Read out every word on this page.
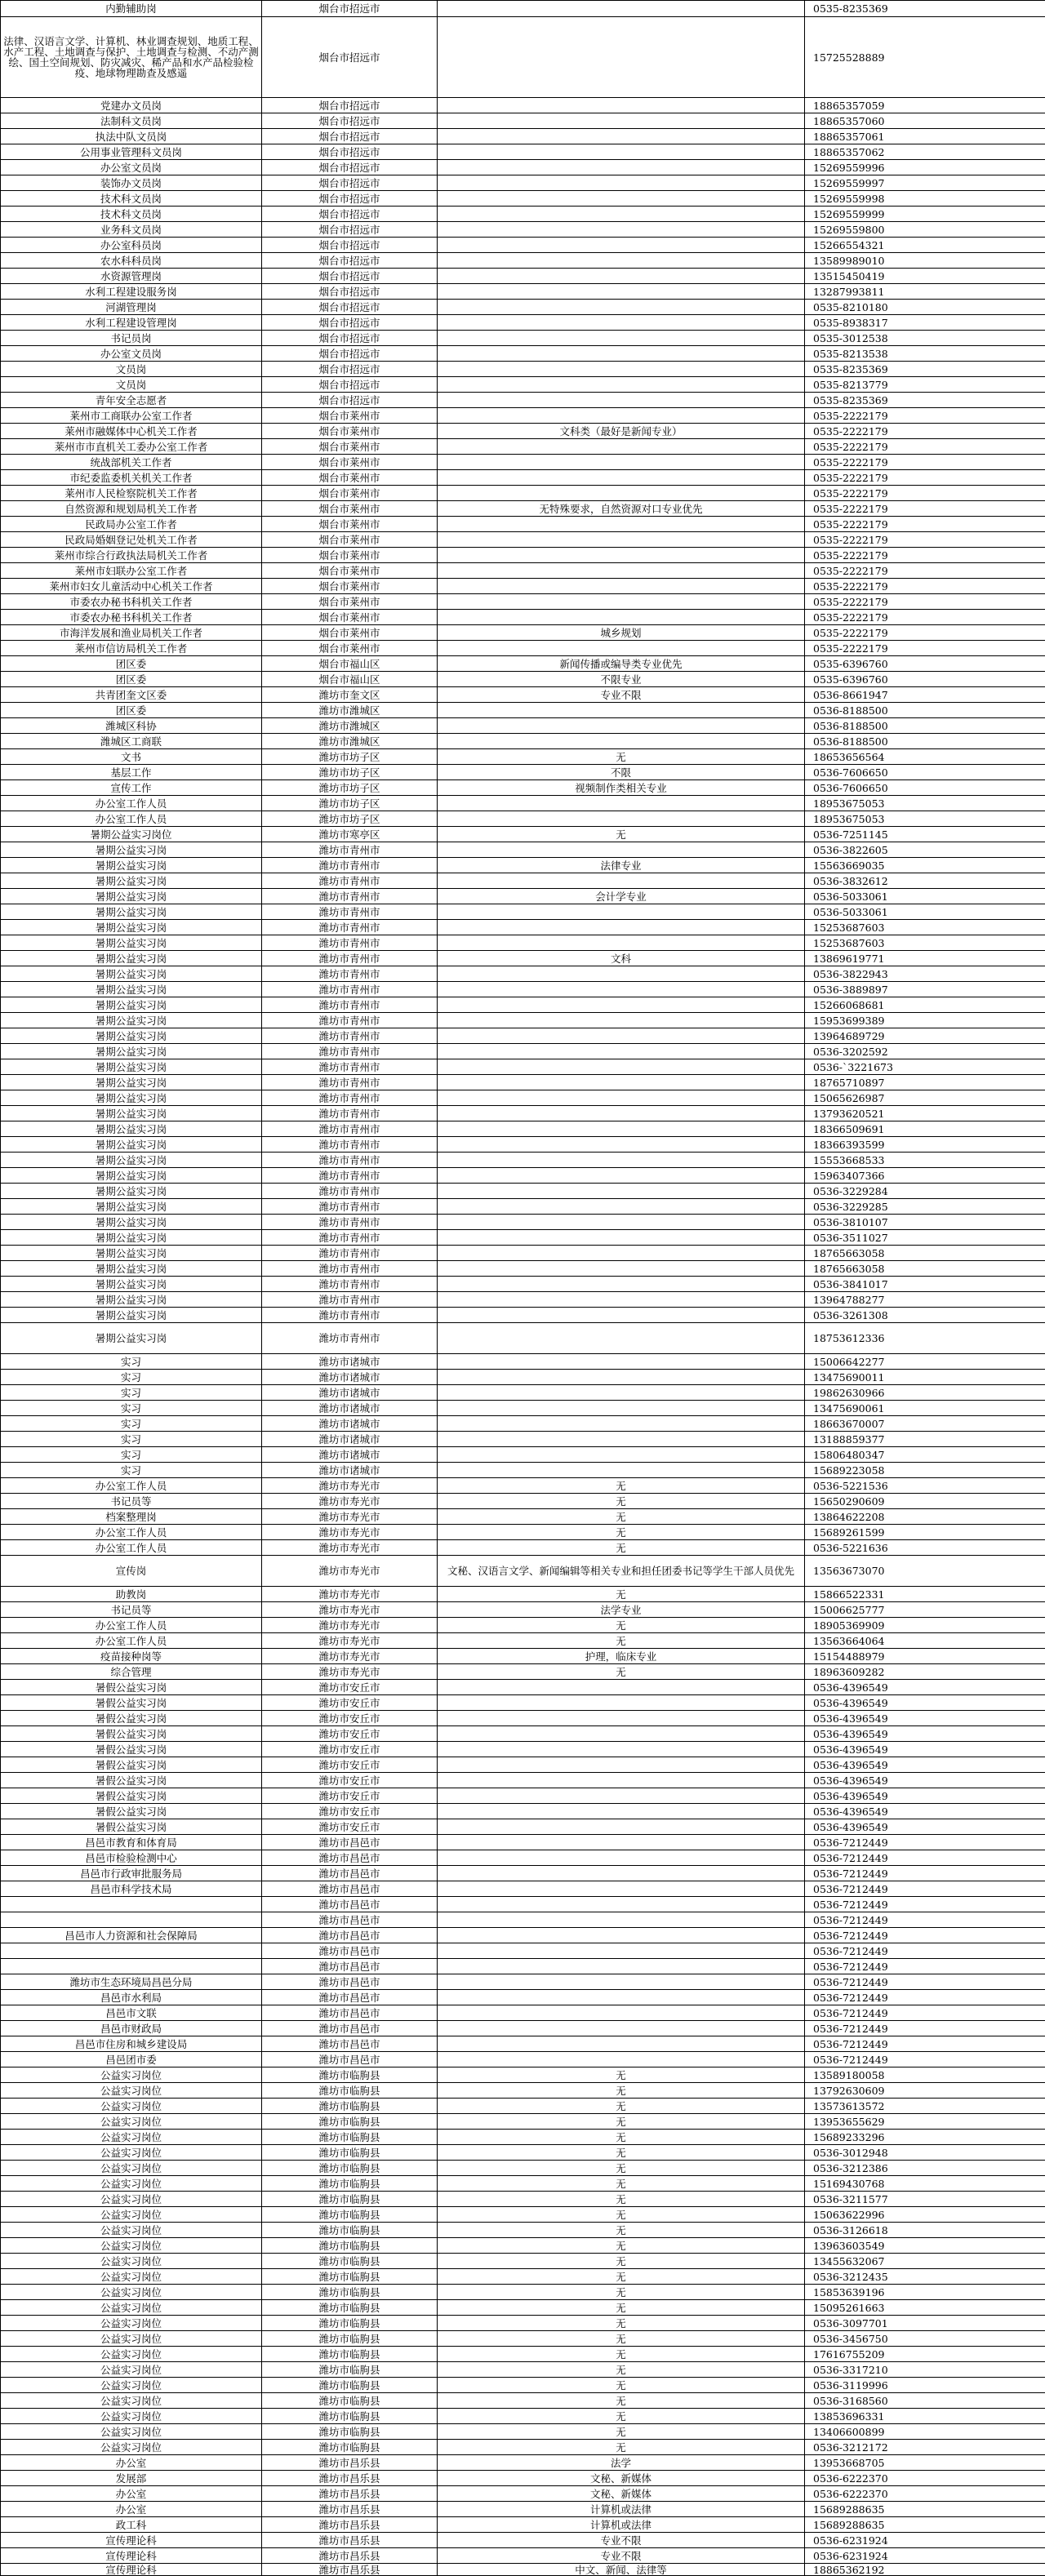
内勤辅助岗	烟台市招远市		0535-8235369
法律、汉语言文学、计算机、林业调查规划、地质工程、水产工程、土地调查与保护、土地调查与检测、不动产测绘、国土空间规划、防灾减灾、稀产品和水产品检验检疫、地球物理勘查及感遥	烟台市招远市		15725528889
党建办文员岗	烟台市招远市		18865357059
法制科文员岗	烟台市招远市		18865357060
执法中队文员岗	烟台市招远市		18865357061
公用事业管理科文员岗	烟台市招远市		18865357062
办公室文员岗	烟台市招远市		15269559996
装饰办文员岗	烟台市招远市		15269559997
技术科文员岗	烟台市招远市		15269559998
技术科文员岗	烟台市招远市		15269559999
业务科文员岗	烟台市招远市		15269559800
办公室科员岗	烟台市招远市		15266554321
农水科科员岗	烟台市招远市		13589989010
水资源管理岗	烟台市招远市		13515450419
水利工程建设服务岗	烟台市招远市		13287993811
河湖管理岗	烟台市招远市		0535-8210180
水利工程建设管理岗	烟台市招远市		0535-8938317
书记员岗	烟台市招远市		0535-3012538
办公室文员岗	烟台市招远市		0535-8213538
文员岗	烟台市招远市		0535-8235369
文员岗	烟台市招远市		0535-8213779
青年安全志愿者	烟台市招远市		0535-8235369
莱州市工商联办公室工作者	烟台市莱州市		0535-2222179
莱州市融媒体中心机关工作者	烟台市莱州市	文科类（最好是新闻专业）	0535-2222179
莱州市市直机关工委办公室工作者	烟台市莱州市		0535-2222179
统战部机关工作者	烟台市莱州市		0535-2222179
市纪委监委机关机关工作者	烟台市莱州市		0535-2222179
莱州市人民检察院机关工作者	烟台市莱州市		0535-2222179
自然资源和规划局机关工作者	烟台市莱州市	无特殊要求，自然资源对口专业优先	0535-2222179
民政局办公室工作者	烟台市莱州市		0535-2222179
民政局婚姻登记处机关工作者	烟台市莱州市		0535-2222179
莱州市综合行政执法局机关工作者	烟台市莱州市		0535-2222179
莱州市妇联办公室工作者	烟台市莱州市		0535-2222179
莱州市妇女儿童活动中心机关工作者	烟台市莱州市		0535-2222179
市委农办秘书科机关工作者	烟台市莱州市		0535-2222179
市委农办秘书科机关工作者	烟台市莱州市		0535-2222179
市海洋发展和渔业局机关工作者	烟台市莱州市	城乡规划	0535-2222179
莱州市信访局机关工作者	烟台市莱州市		0535-2222179
团区委	烟台市福山区	新闻传播或编导类专业优先	0535-6396760
团区委	烟台市福山区	不限专业	0535-6396760
共青团奎文区委	潍坊市奎文区	专业不限	0536-8661947
团区委	潍坊市潍城区		0536-8188500
潍城区科协	潍坊市潍城区		0536-8188500
潍城区工商联	潍坊市潍城区		0536-8188500
文书	潍坊市坊子区	无	18653656564
基层工作	潍坊市坊子区	不限	0536-7606650
宣传工作	潍坊市坊子区	视频制作类相关专业	0536-7606650
办公室工作人员	潍坊市坊子区		18953675053
办公室工作人员	潍坊市坊子区		18953675053
暑期公益实习岗位	潍坊市寒亭区	无	0536-7251145
暑期公益实习岗	潍坊市青州市		0536-3822605
暑期公益实习岗	潍坊市青州市	法律专业	15563669035
暑期公益实习岗	潍坊市青州市		0536-3832612
暑期公益实习岗	潍坊市青州市	会计学专业	0536-5033061
暑期公益实习岗	潍坊市青州市		0536-5033061
暑期公益实习岗	潍坊市青州市		15253687603
暑期公益实习岗	潍坊市青州市		15253687603
暑期公益实习岗	潍坊市青州市	文科	13869619771
暑期公益实习岗	潍坊市青州市		0536-3822943
暑期公益实习岗	潍坊市青州市		0536-3889897
暑期公益实习岗	潍坊市青州市		15266068681
暑期公益实习岗	潍坊市青州市		15953699389
暑期公益实习岗	潍坊市青州市		13964689729
暑期公益实习岗	潍坊市青州市		0536-3202592
暑期公益实习岗	潍坊市青州市		0536-`3221673
暑期公益实习岗	潍坊市青州市		18765710897
暑期公益实习岗	潍坊市青州市		15065626987
暑期公益实习岗	潍坊市青州市		13793620521
暑期公益实习岗	潍坊市青州市		18366509691
暑期公益实习岗	潍坊市青州市		18366393599
暑期公益实习岗	潍坊市青州市		15553668533
暑期公益实习岗	潍坊市青州市		15963407366
暑期公益实习岗	潍坊市青州市		0536-3229284
暑期公益实习岗	潍坊市青州市		0536-3229285
暑期公益实习岗	潍坊市青州市		0536-3810107
暑期公益实习岗	潍坊市青州市		0536-3511027
暑期公益实习岗	潍坊市青州市		18765663058
暑期公益实习岗	潍坊市青州市		18765663058
暑期公益实习岗	潍坊市青州市		0536-3841017
暑期公益实习岗	潍坊市青州市		13964788277
暑期公益实习岗	潍坊市青州市		0536-3261308
暑期公益实习岗	潍坊市青州市		18753612336
实习	潍坊市诸城市		15006642277
实习	潍坊市诸城市		13475690011
实习	潍坊市诸城市		19862630966
实习	潍坊市诸城市		13475690061
实习	潍坊市诸城市		18663670007
实习	潍坊市诸城市		13188859377
实习	潍坊市诸城市		15806480347
实习	潍坊市诸城市		15689223058
办公室工作人员	潍坊市寿光市	无	0536-5221536
书记员等	潍坊市寿光市	无	15650290609
档案整理岗	潍坊市寿光市	无	13864622208
办公室工作人员	潍坊市寿光市	无	15689261599
办公室工作人员	潍坊市寿光市	无	0536-5221636
宣传岗	潍坊市寿光市	文秘、汉语言文学、新闻编辑等相关专业和担任团委书记等学生干部人员优先	13563673070
助教岗	潍坊市寿光市	无	15866522331
书记员等	潍坊市寿光市	法学专业	15006625777
办公室工作人员	潍坊市寿光市	无	18905369909
办公室工作人员	潍坊市寿光市	无	13563664064
疫苗接种岗等	潍坊市寿光市	护理，临床专业	15154488979
综合管理	潍坊市寿光市	无	18963609282
暑假公益实习岗	潍坊市安丘市		0536-4396549
暑假公益实习岗	潍坊市安丘市		0536-4396549
暑假公益实习岗	潍坊市安丘市		0536-4396549
暑假公益实习岗	潍坊市安丘市		0536-4396549
暑假公益实习岗	潍坊市安丘市		0536-4396549
暑假公益实习岗	潍坊市安丘市		0536-4396549
暑假公益实习岗	潍坊市安丘市		0536-4396549
暑假公益实习岗	潍坊市安丘市		0536-4396549
暑假公益实习岗	潍坊市安丘市		0536-4396549
暑假公益实习岗	潍坊市安丘市		0536-4396549
昌邑市教育和体育局	潍坊市昌邑市		0536-7212449
昌邑市检验检测中心	潍坊市昌邑市		0536-7212449
昌邑市行政审批服务局	潍坊市昌邑市		0536-7212449
昌邑市科学技术局	潍坊市昌邑市		0536-7212449
	潍坊市昌邑市		0536-7212449
	潍坊市昌邑市		0536-7212449
昌邑市人力资源和社会保障局	潍坊市昌邑市		0536-7212449
	潍坊市昌邑市		0536-7212449
	潍坊市昌邑市		0536-7212449
潍坊市生态环境局昌邑分局	潍坊市昌邑市		0536-7212449
昌邑市水利局	潍坊市昌邑市		0536-7212449
昌邑市文联	潍坊市昌邑市		0536-7212449
昌邑市财政局	潍坊市昌邑市		0536-7212449
昌邑市住房和城乡建设局	潍坊市昌邑市		0536-7212449
昌邑团市委	潍坊市昌邑市		0536-7212449
公益实习岗位	潍坊市临朐县	无	13589180058
公益实习岗位	潍坊市临朐县	无	13792630609
公益实习岗位	潍坊市临朐县	无	13573613572
公益实习岗位	潍坊市临朐县	无	13953655629
公益实习岗位	潍坊市临朐县	无	15689233296
公益实习岗位	潍坊市临朐县	无	0536-3012948
公益实习岗位	潍坊市临朐县	无	0536-3212386
公益实习岗位	潍坊市临朐县	无	15169430768
公益实习岗位	潍坊市临朐县	无	0536-3211577
公益实习岗位	潍坊市临朐县	无	15063622996
公益实习岗位	潍坊市临朐县	无	0536-3126618
公益实习岗位	潍坊市临朐县	无	13963603549
公益实习岗位	潍坊市临朐县	无	13455632067
公益实习岗位	潍坊市临朐县	无	0536-3212435
公益实习岗位	潍坊市临朐县	无	15853639196
公益实习岗位	潍坊市临朐县	无	15095261663
公益实习岗位	潍坊市临朐县	无	0536-3097701
公益实习岗位	潍坊市临朐县	无	0536-3456750
公益实习岗位	潍坊市临朐县	无	17616755209
公益实习岗位	潍坊市临朐县	无	0536-3317210
公益实习岗位	潍坊市临朐县	无	0536-3119996
公益实习岗位	潍坊市临朐县	无	0536-3168560
公益实习岗位	潍坊市临朐县	无	13853696331
公益实习岗位	潍坊市临朐县	无	13406600899
公益实习岗位	潍坊市临朐县	无	0536-3212172
办公室	潍坊市昌乐县	法学	13953668705
发展部	潍坊市昌乐县	文秘、新媒体	0536-6222370
办公室	潍坊市昌乐县	文秘、新媒体	0536-6222370
办公室	潍坊市昌乐县	计算机或法律	15689288635
政工科	潍坊市昌乐县	计算机或法律	15689288635
宣传理论科	潍坊市昌乐县	专业不限	0536-6231924
宣传理论科	潍坊市昌乐县	专业不限	0536-6231924
宣传理论科	潍坊市昌乐县	中文、新闻、法律等	18865362192
